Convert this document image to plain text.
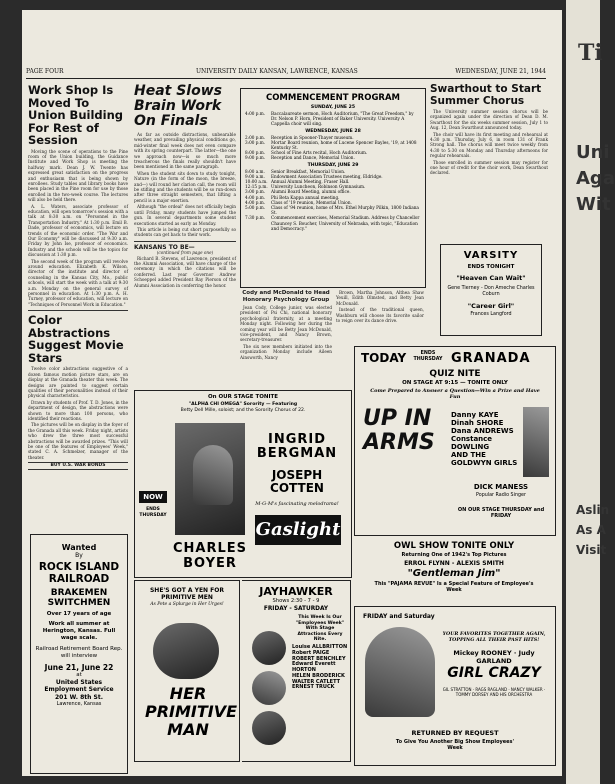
Ti
Uni Aga Wit
Aslin As A Visit
PAGE FOUR	UNIVERSITY DAILY KANSAN, LAWRENCE, KANSAS	WEDNESDAY, JUNE 21, 1944
Work Shop Is Moved To Union Building For Rest of Session

Moving the scene of operations to the Pine room of the Union building, the Guidance Institute and Work Shop is meeting the halfway mark. Dean J. W. Twente has expressed great satisfaction on the progress and enthusiasm that is being shown by enrollees. Study tables and library books have been placed in the Pine room for use by those enrolled in the two-week course. The lectures will also be held there.

A. L. Waters, associate professor of education, will open tomorrow's session with a talk at 8:30 a.m. on "Personnel in the Transportation Industry." At 1:30 p.m. Emil B. Dade, professor of economics, will lecture on trends of the economic order. "The War and Our Economy" will be discussed at 9:30 a.m. Friday by John Ise, professor of economics. Industry and the schools will be the topics for discussion at 1:30 p.m.

The second week of the program will revolve around education. Elizabeth K. Wilson, director of the institute and director of counseling in the Kansas City, Mo., public schools, will start the week with a talk at 9:30 a.m. Monday on the general survey of personnel in education. At 1:30 p.m. A. H. Turney, professor of education, will lecture on "Techniques of Personnel Work in Education."

Color Abstractions Suggest Movie Stars

Twelve color abstractions suggestive of a dozen famous motion picture stars, are on display at the Granada theater this week. The designs are painted to suggest certain qualities of their personalities instead of their physical characteristics.

Drawn by students of Prof. T. D. Jones, in the department of design, the abstractions were shown to more than 100 persons, who identified their reactions.

The pictures will be on display in the foyer of the Granada all this week. Friday night, artists who drew the three most successful abstractions will be awarded prizes. "This will be one of the features of Employees' Week," stated C. A. Schmelzer, manager of the theater.

BUY U.S. WAR BONDS
Wanted
By
ROCK ISLAND RAILROAD
BRAKEMEN SWITCHMEN
Over 17 years of age
Work all summer at Herington, Kansas. Full wage scale.
Railroad Retirement Board Rep. will interview
June 21, June 22
at
United States Employment Service
201 W. 8th St.
Lawrence, Kansas
Heat Slows Brain Work On Finals

As far as outside distractions, unbearable weather, and prevailing physical conditions go, mid-winter final week does not even compare with its spring counterpart. The latter—the one we approach now—is so much more treacherous the finals really shouldn't have been mentioned in the same paragraph.

When the student sits down to study tonight, Nature (in the form of the moon, the breeze, and—) will round her clarion call, the room will be stifling and the students will be so run-down after three straight semesters, that lifting a pencil is a major exertion.

Although "the ordeal" does not officially begin until Friday, many students have jumped the gun. In several departments some student executions started as early as Monday.

This article is being cut short purposefully so students can get back to their work.

KANSANS TO BE—
(continued from page one)

Richard B. Stevens, of Lawrence, president of the Alumni Association, will have charge of the ceremony in which the citations will be conferred. Last year Governor Andrew Schoeppel added President Ray Pierson of the Alumni Association in conferring the honor.

COMMENCEMENT PROGRAM
SUNDAY, JUNE 25
4:00 p.m.	Baccalaureate sermon, Hoch Auditorium, "The Great Freedom," by Dr. Nelson P. Horn, President of Baker University. University A Cappella choir will sing.
WEDNESDAY, JUNE 28
2:00 p.m.	Reception in Spooner-Thayer museum.
3:00 p.m.	Mortar Board reunion, home of Lucene Spencer Bayles, '19, at 1408 Kentucky St.
8:00 p.m.	School of Fine Arts recital, Hoch Auditorium.
9:00 p.m.	Reception and Dance, Memorial Union.
THURSDAY, JUNE 29
8:00 a.m.	Senior Breakfast, Memorial Union.
9:00 a.m.	Endowment Association Trustees meeting, Eldridge.
10:00 a.m. Annual Alumni Meeting, Fraser Hall.
12:15 p.m. University Luncheon, Robinson Gymnasium.
3:00 p.m.	Alumni Board Meeting, alumni office.
4:00 p.m.	Phi Beta Kappa annual meeting.
4:00 p.m.	Class of '19 reunion, Memorial Union.
5:00 p.m.	Class of '94 reunion, home of Mrs. Ethel Murphy Pilkin, 1800 Indiana St.
7:30 p.m.	Commencement exercises, Memorial Stadium. Address by Chancellor Chauncey S. Boucher, University of Nebraska, with topic, "Education and Democracy."
Cody and McDonald to Head Honorary Psychology Group

Jean Cody, College junior, was elected president of Psi Chi, national honorary psychological fraternity, at a meeting Monday night. Following her during the coming year will be Betty Jean McDonald, vice-president, and Nancy Brown, secretary-treasurer.

The six new members initiated into the organization Monday include Aileen Ainsworth, Nancy

Brown, Martha Johnson, Althea Shaw Yeuill, Edith Olmsted, and Betty Jean McDonald.

Instead of the traditional queen, Washburn will choose its favorite sailor to reign over its dance drive.

Swarthout to Start Summer Chorus

The University summer session chorus will be organized again under the direction of Dean D. M. Swarthout for the six weeks summer session, July 1 to Aug. 12, Dean Swarthout announced today.

The choir will have its first meeting and rehearsal at 4:30 p.m. Thursday, July 6, in room 131 of Frank Strong hall. The chorus will meet twice weekly from 4:30 to 5:30 on Monday and Thursday afternoons for regular rehearsals.

Those enrolled in summer session may register for one hour of credit for the choir work, Dean Swarthout declared.

VARSITY
ENDS TONIGHT
"Heaven Can Wait"
Gene Tierney - Don Ameche Charles Coburn
"Career Girl"
Frances Langford
On OUR STAGE TONITE
"ALPHA CHI OMEGA" Sorority — Featuring
Betty Dell Mille, soloist; and the Sorority Chorus of 22.
NOW
ENDS THURSDAY
INGRID BERGMAN
JOSEPH COTTEN
M-G-M's fascinating melodrama!
Gaslight
CHARLES BOYER
TODAY	ENDS THURSDAY GRANADA
QUIZ NITE
ON STAGE AT 9:15 — TONITE ONLY
Come Prepared to Answer a Question—Win a Prize and Have Fun
UP IN ARMS
Danny KAYE
Dinah SHORE
Dana ANDREWS
Constance DOWLING
AND THE GOLDWYN GIRLS
DICK MANESS
Popular Radio Singer
ON OUR STAGE THURSDAY and FRIDAY
OWL SHOW TONITE ONLY
Returning One of 1942's Top Pictures
ERROL FLYNN - ALEXIS SMITH
"Gentleman Jim"
This "PAJAMA REVUE" Is a Special Feature of Employee's Week
SHE'S GOT A YEN FOR PRIMITIVE MEN
As Pete a Splurge in Her Urges!
HER PRIMITIVE MAN
JAYHAWKER
Shows 2:30 - 7 - 9
FRIDAY - SATURDAY
This Week Is Our "Employees Week" With Stage Attractions Every Nite.
Louise ALLBRITTON
Robert PAIGE
ROBERT BENCHLEY
Edward Everett HORTON
HELEN BRODERICK
WALTER CATLETT
ERNEST TRUCK
FRIDAY and Saturday
YOUR FAVORITES TOGETHER AGAIN, TOPPING ALL THEIR PAST HITS!
Mickey ROONEY · Judy GARLAND
GIRL CRAZY
GIL STRATTON · RAGS RAGLAND · NANCY WALKER · TOMMY DORSEY AND HIS ORCHESTRA
RETURNED BY REQUEST
To Give You Another Big Show Employees' Week
